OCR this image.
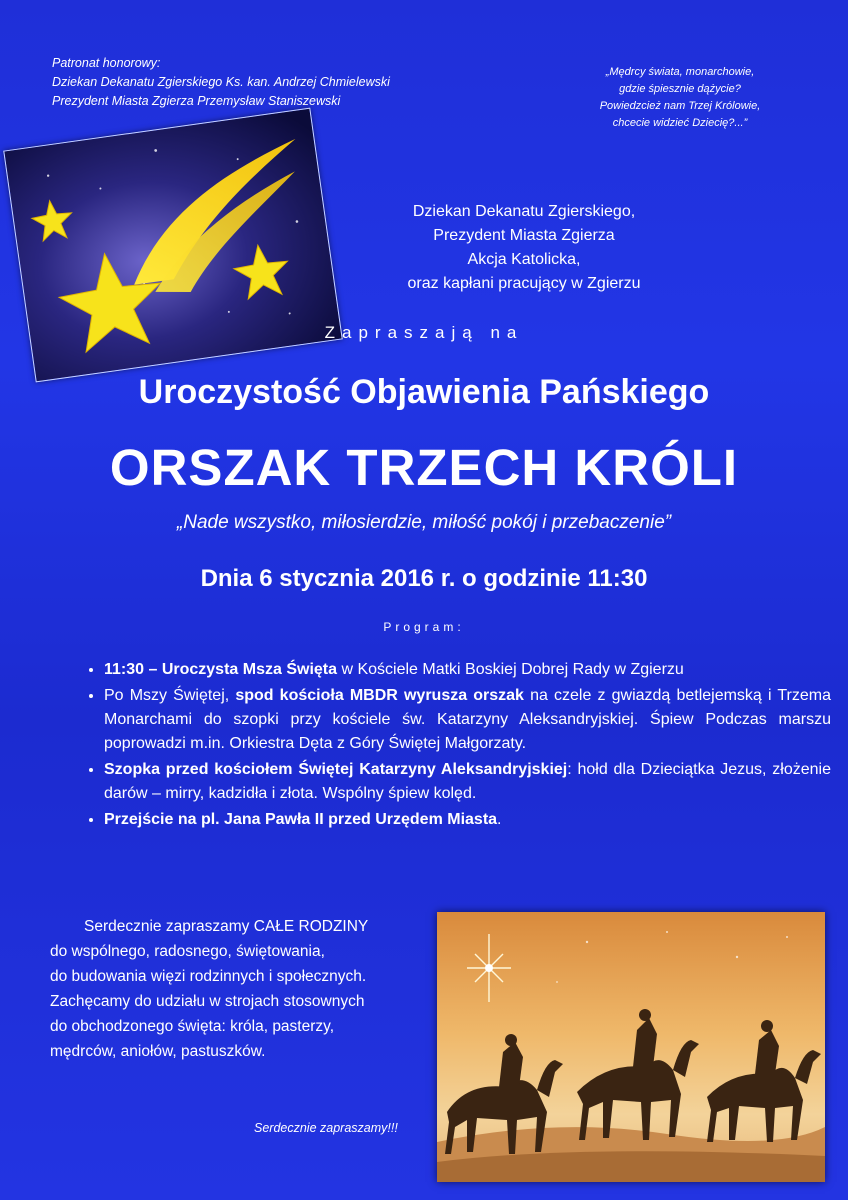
Patronat honorowy:
Dziekan Dekanatu Zgierskiego Ks. kan. Andrzej Chmielewski
Prezydent Miasta Zgierza Przemysław Staniszewski
„Mędrcy świata, monarchowie,
gdzie śpiesznie dążycie?
Powiedzcież nam Trzej Królowie,
chcecie widzieć Dziecię?...”
Dziekan Dekanatu Zgierskiego,
Prezydent Miasta Zgierza
Akcja Katolicka,
oraz kapłani pracujący w Zgierzu
Zapraszają na
Uroczystość Objawienia Pańskiego
ORSZAK TRZECH KRÓLI
„Nade wszystko, miłosierdzie, miłość pokój i przebaczenie”
Dnia 6 stycznia 2016 r. o godzinie 11:30
Program:
• 11:30 – Uroczysta Msza Święta w Kościele Matki Boskiej Dobrej Rady w Zgierzu
• Po Mszy Świętej, spod kościoła MBDR wyrusza orszak na czele z gwiazdą betlejemską i Trzema Monarchami do szopki przy kościele św. Katarzyny Aleksandryjskiej. Śpiew Podczas marszu poprowadzi m.in. Orkiestra Dęta z Góry Świętej Małgorzaty.
• Szopka przed kościołem Świętej Katarzyny Aleksandryjskiej: hołd dla Dzieciątka Jezus, złożenie darów – mirry, kadzidła i złota. Wspólny śpiew kolęd.
• Przejście na pl. Jana Pawła II przed Urzędem Miasta.

Serdecznie zapraszamy CAŁE RODZINY

do wspólnego, radosnego, świętowania,

do budowania więzi rodzinnych i społecznych.

Zachęcamy do udziału w strojach stosownych

do obchodzonego święta: króla, pasterzy,

mędrców, aniołów, pastuszków.

Serdecznie zapraszamy!!!
